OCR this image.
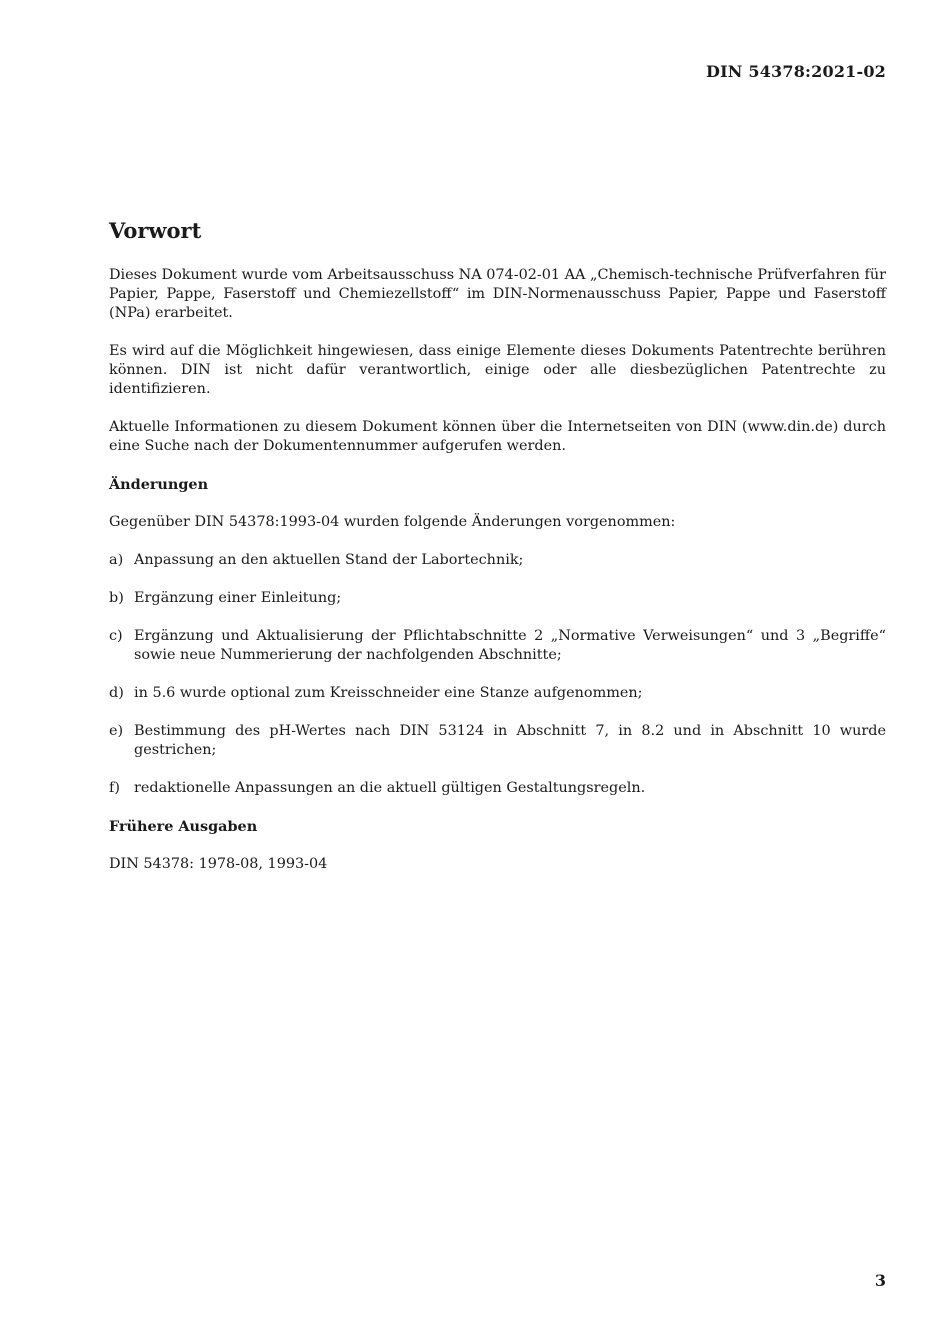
DIN 54378:2021-02
Vorwort

Dieses Dokument wurde vom Arbeitsausschuss NA 074-02-01 AA „Chemisch-technische Prüfverfahren für Papier, Pappe, Faserstoff und Chemiezellstoff“ im DIN-Normenausschuss Papier, Pappe und Faserstoff (NPa) erarbeitet.

Es wird auf die Möglichkeit hingewiesen, dass einige Elemente dieses Dokuments Patentrechte berühren können. DIN ist nicht dafür verantwortlich, einige oder alle diesbezüglichen Patentrechte zu identifizieren.

Aktuelle Informationen zu diesem Dokument können über die Internetseiten von DIN (www.din.de) durch eine Suche nach der Dokumentennummer aufgerufen werden.

Änderungen

Gegenüber DIN 54378:1993-04 wurden folgende Änderungen vorgenommen:

a) Anpassung an den aktuellen Stand der Labortechnik;
b) Ergänzung einer Einleitung;
c) Ergänzung und Aktualisierung der Pflichtabschnitte 2 „Normative Verweisungen“ und 3 „Begriffe“ sowie neue Nummerierung der nachfolgenden Abschnitte;
d) in 5.6 wurde optional zum Kreisschneider eine Stanze aufgenommen;
e) Bestimmung des pH-Wertes nach DIN 53124 in Abschnitt 7, in 8.2 und in Abschnitt 10 wurde gestrichen;
f) redaktionelle Anpassungen an die aktuell gültigen Gestaltungsregeln.
Frühere Ausgaben

DIN 54378: 1978-08, 1993-04

3
